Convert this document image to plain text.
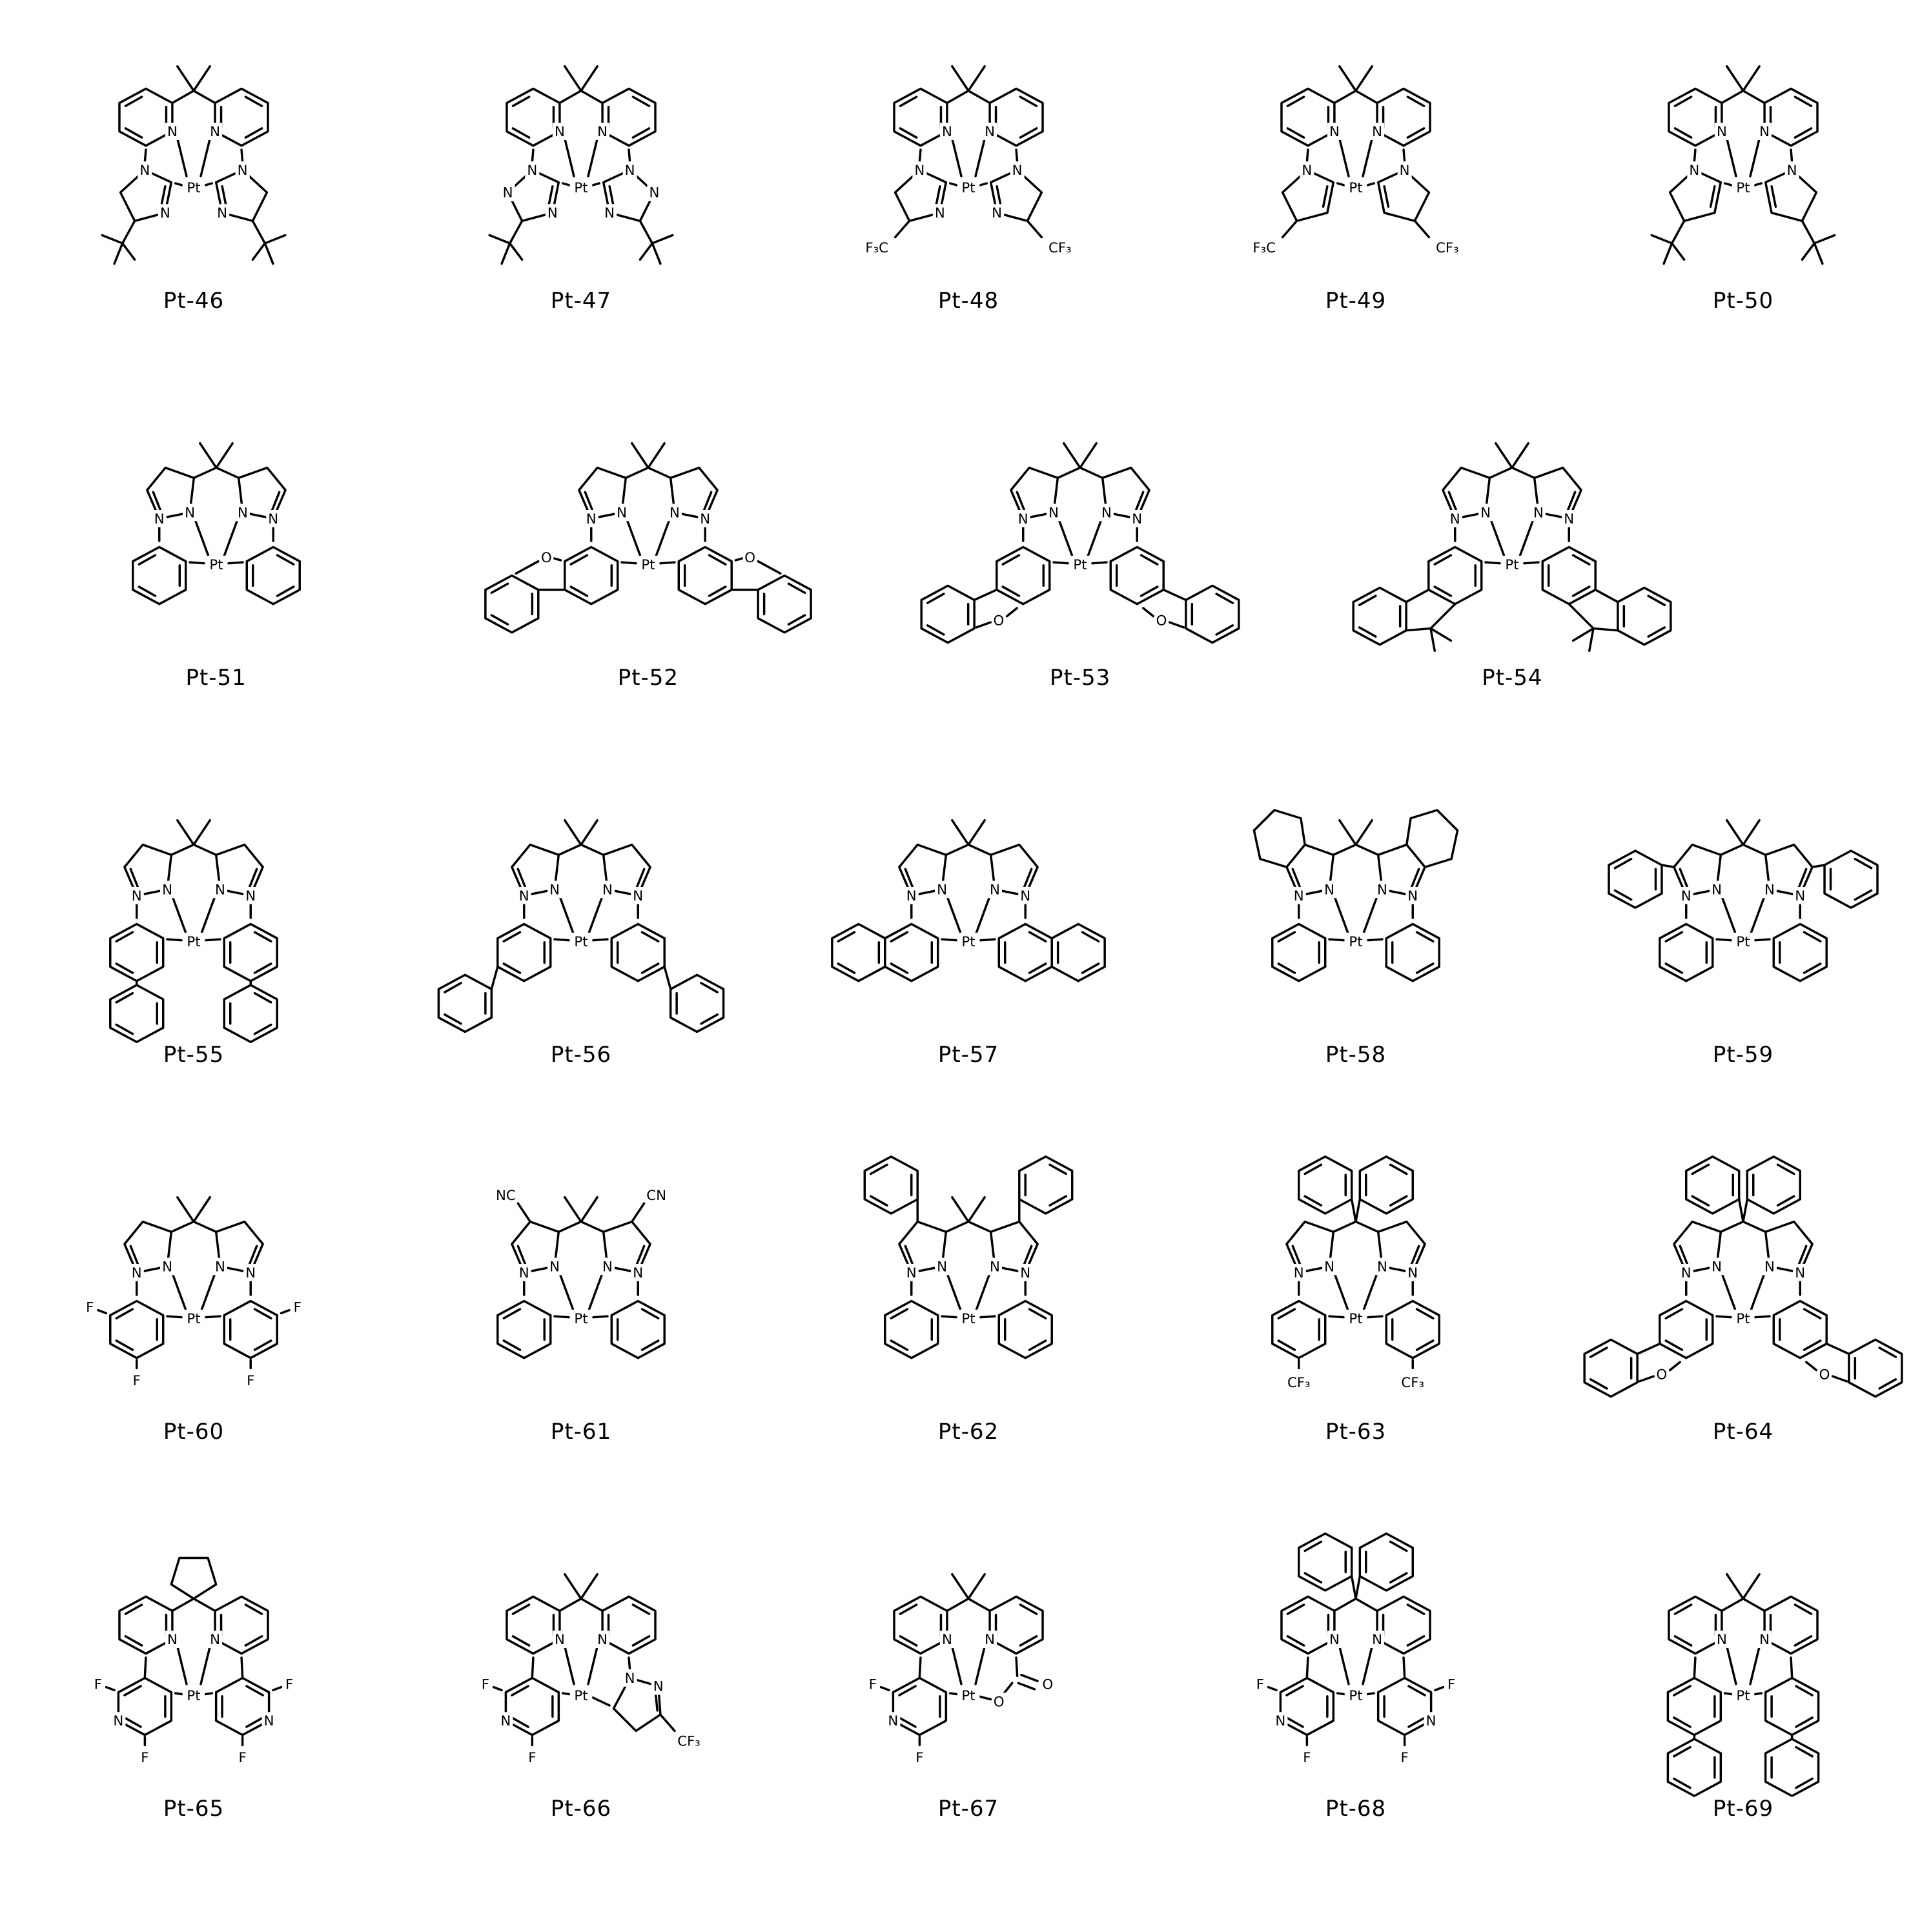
N	N
N	N
N	N
Pt
Pt-46
N	N
N	N
N	N
N	N
Pt
Pt-47
N	N
N	N
N	N
F₃C	CF₃
Pt
Pt-48
N	N
N	N
F₃C	CF₃
Pt
Pt-49
N	N
N	N
Pt
Pt-50
N N	N N
Pt
Pt-51
N N	N N
O	O
Pt
Pt-52
N N	N N
O	O
Pt
Pt-53
N N	N N
Pt
Pt-54
N N	N N
Pt
Pt-55
N N	N N
Pt
Pt-56
N N	N N
Pt
Pt-57
N N	N N
Pt
Pt-58
N N	N N
Pt
Pt-59
N N	N N
F
F
F
F
Pt
Pt-60
N N	N N
NC	CN
Pt
Pt-61
N N	N N
Pt
Pt-62
N N	N N
CF₃	CF₃
Pt
Pt-63
N N	N N
O	O
Pt
Pt-64
N	N
F
N
F
F
N
F
Pt
Pt-65
N	N
F
N
F
N
N
CF₃
Pt
Pt-66
N	N
F
N
F
O
O
Pt
Pt-67
N	N
F
N
F
F
N
F
Pt
Pt-68
N	N
Pt
Pt-69
